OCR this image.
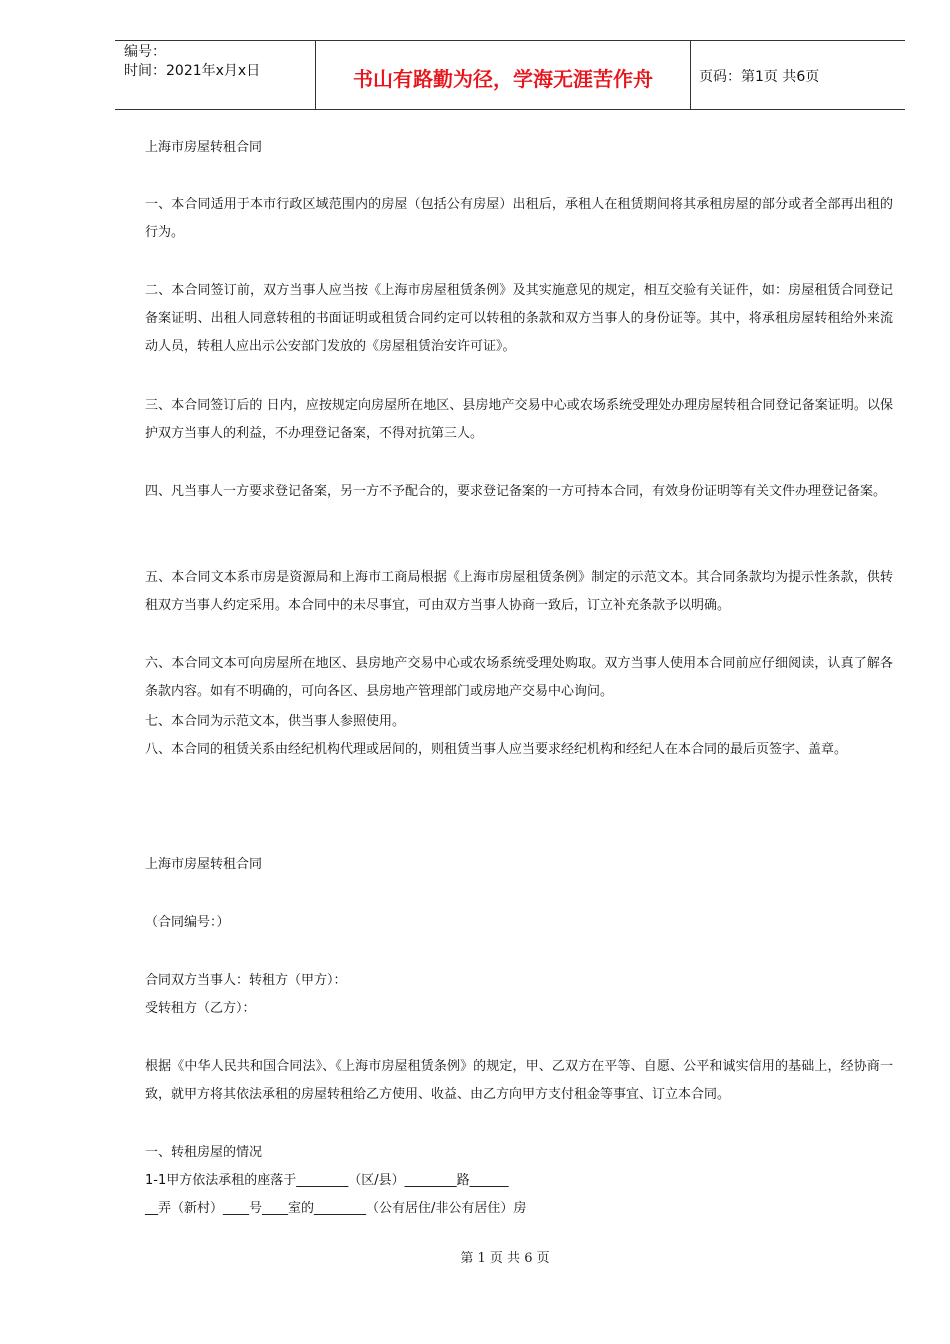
编号：
时间：2021年x月x日	书山有路勤为径，学海无涯苦作舟	页码：第1页 共6页
上海市房屋转租合同
一、本合同适用于本市行政区域范围内的房屋（包括公有房屋）出租后，承租人在租赁期间将其承租房屋的部分或者全部再出租的行为。
二、本合同签订前，双方当事人应当按《上海市房屋租赁条例》及其实施意见的规定，相互交验有关证件，如：房屋租赁合同登记备案证明、出租人同意转租的书面证明或租赁合同约定可以转租的条款和双方当事人的身份证等。其中，将承租房屋转租给外来流动人员，转租人应出示公安部门发放的《房屋租赁治安许可证》。
三、本合同签订后的 日内，应按规定向房屋所在地区、县房地产交易中心或农场系统受理处办理房屋转租合同登记备案证明。以保护双方当事人的利益，不办理登记备案，不得对抗第三人。
四、凡当事人一方要求登记备案，另一方不予配合的，要求登记备案的一方可持本合同，有效身份证明等有关文件办理登记备案。
五、本合同文本系市房是资源局和上海市工商局根据《上海市房屋租赁条例》制定的示范文本。其合同条款均为提示性条款，供转租双方当事人约定采用。本合同中的未尽事宜，可由双方当事人协商一致后，订立补充条款予以明确。
六、本合同文本可向房屋所在地区、县房地产交易中心或农场系统受理处购取。双方当事人使用本合同前应仔细阅读，认真了解各条款内容。如有不明确的，可向各区、县房地产管理部门或房地产交易中心询问。
七、本合同为示范文本，供当事人参照使用。
八、本合同的租赁关系由经纪机构代理或居间的，则租赁当事人应当要求经纪机构和经纪人在本合同的最后页签字、盖章。
上海市房屋转租合同
（合同编号：）
合同双方当事人：转租方（甲方）：
受转租方（乙方）：
根据《中华人民共和国合同法》、《上海市房屋租赁条例》的规定，甲、乙双方在平等、自愿、公平和诚实信用的基础上，经协商一致，就甲方将其依法承租的房屋转租给乙方使用、收益、由乙方向甲方支付租金等事宜、订立本合同。
一、转租房屋的情况
1-1甲方依法承租的座落于________（区/县）________路______
__弄（新村）____号____室的________（公有居住/非公有居住）房
第 1 页 共 6 页
